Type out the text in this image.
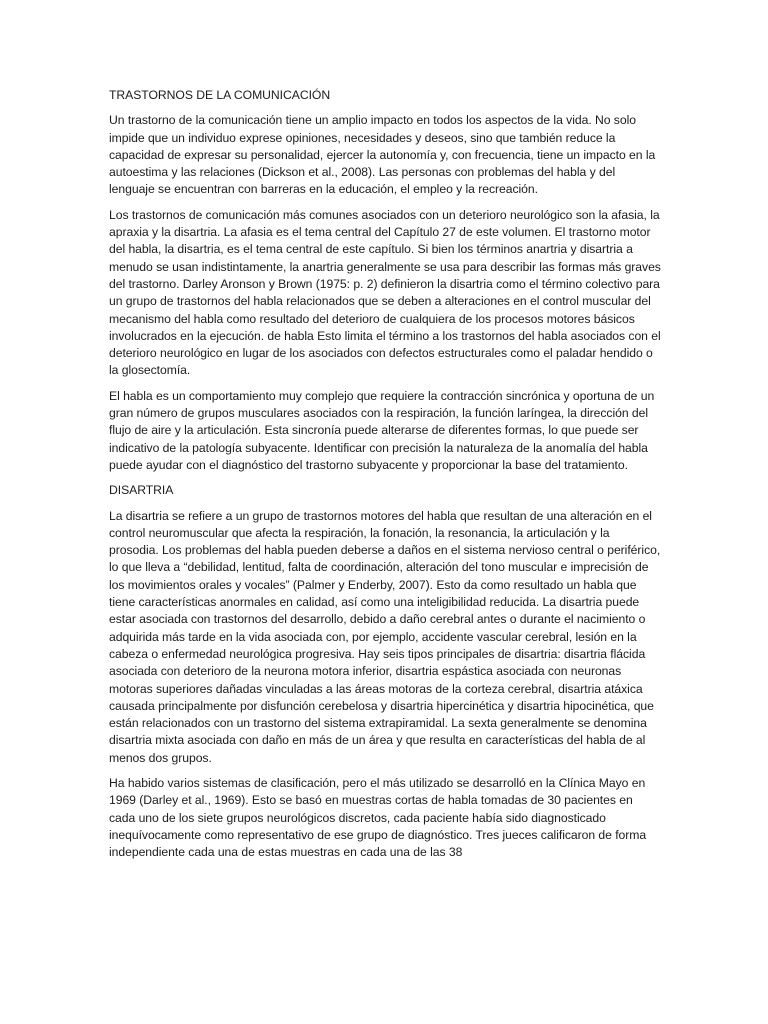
TRASTORNOS DE LA COMUNICACIÓN
Un trastorno de la comunicación tiene un amplio impacto en todos los aspectos de la vida. No solo impide que un individuo exprese opiniones, necesidades y deseos, sino que también reduce la capacidad de expresar su personalidad, ejercer la autonomía y, con frecuencia, tiene un impacto en la autoestima y las relaciones (Dickson et al., 2008). Las personas con problemas del habla y del lenguaje se encuentran con barreras en la educación, el empleo y la recreación.
Los trastornos de comunicación más comunes asociados con un deterioro neurológico son la afasia, la apraxia y la disartria. La afasia es el tema central del Capítulo 27 de este volumen. El trastorno motor del habla, la disartria, es el tema central de este capítulo. Si bien los términos anartria y disartria a menudo se usan indistintamente, la anartria generalmente se usa para describir las formas más graves del trastorno. Darley Aronson y Brown (1975: p. 2) definieron la disartria como el término colectivo para un grupo de trastornos del habla relacionados que se deben a alteraciones en el control muscular del mecanismo del habla como resultado del deterioro de cualquiera de los procesos motores básicos involucrados en la ejecución. de habla Esto limita el término a los trastornos del habla asociados con el deterioro neurológico en lugar de los asociados con defectos estructurales como el paladar hendido o la glosectomía.
El habla es un comportamiento muy complejo que requiere la contracción sincrónica y oportuna de un gran número de grupos musculares asociados con la respiración, la función laríngea, la dirección del flujo de aire y la articulación. Esta sincronía puede alterarse de diferentes formas, lo que puede ser indicativo de la patología subyacente. Identificar con precisión la naturaleza de la anomalía del habla puede ayudar con el diagnóstico del trastorno subyacente y proporcionar la base del tratamiento.
DISARTRIA
La disartria se refiere a un grupo de trastornos motores del habla que resultan de una alteración en el control neuromuscular que afecta la respiración, la fonación, la resonancia, la articulación y la prosodia. Los problemas del habla pueden deberse a daños en el sistema nervioso central o periférico, lo que lleva a “debilidad, lentitud, falta de coordinación, alteración del tono muscular e imprecisión de los movimientos orales y vocales” (Palmer y Enderby, 2007). Esto da como resultado un habla que tiene características anormales en calidad, así como una inteligibilidad reducida. La disartria puede estar asociada con trastornos del desarrollo, debido a daño cerebral antes o durante el nacimiento o adquirida más tarde en la vida asociada con, por ejemplo, accidente vascular cerebral, lesión en la cabeza o enfermedad neurológica progresiva. Hay seis tipos principales de disartria: disartria flácida asociada con deterioro de la neurona motora inferior, disartria espástica asociada con neuronas motoras superiores dañadas vinculadas a las áreas motoras de la corteza cerebral, disartria atáxica causada principalmente por disfunción cerebelosa y disartria hipercinética y disartria hipocinética, que están relacionados con un trastorno del sistema extrapiramidal. La sexta generalmente se denomina disartria mixta asociada con daño en más de un área y que resulta en características del habla de al menos dos grupos.
Ha habido varios sistemas de clasificación, pero el más utilizado se desarrolló en la Clínica Mayo en 1969 (Darley et al., 1969). Esto se basó en muestras cortas de habla tomadas de 30 pacientes en cada uno de los siete grupos neurológicos discretos, cada paciente había sido diagnosticado inequívocamente como representativo de ese grupo de diagnóstico. Tres jueces calificaron de forma independiente cada una de estas muestras en cada una de las 38
